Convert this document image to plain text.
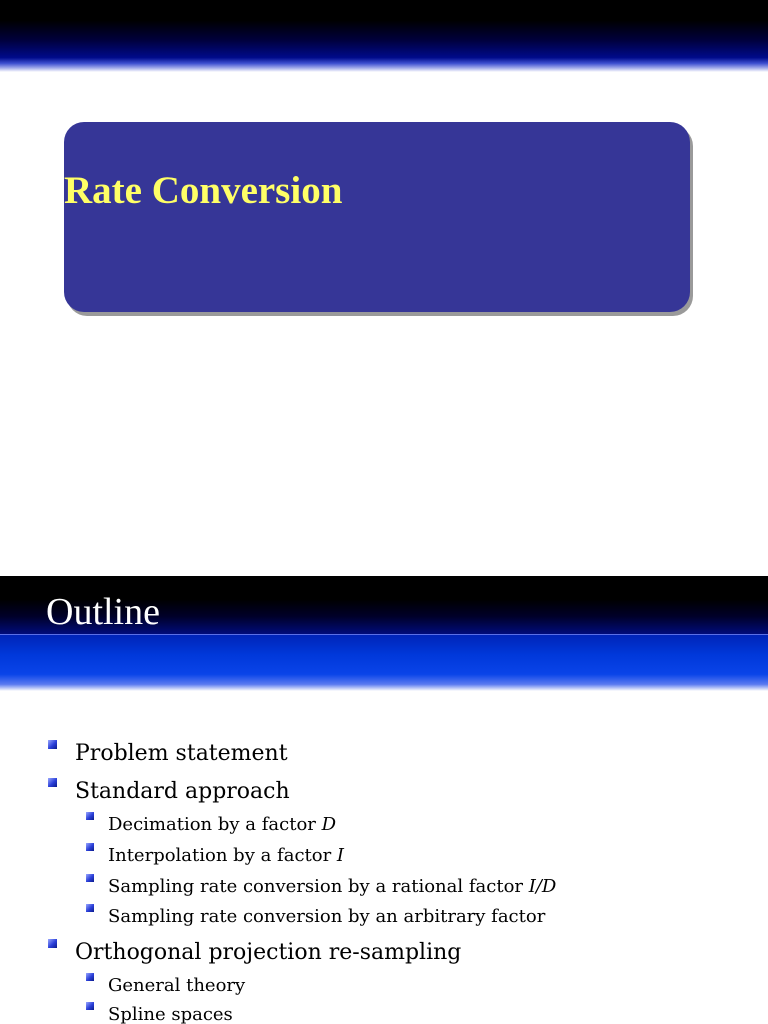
Rate Conversion
Outline
Problem statement
Standard approach
Decimation by a factor D
Interpolation by a factor I
Sampling rate conversion by a rational factor I/D
Sampling rate conversion by an arbitrary factor
Orthogonal projection re-sampling
General theory
Spline spaces
